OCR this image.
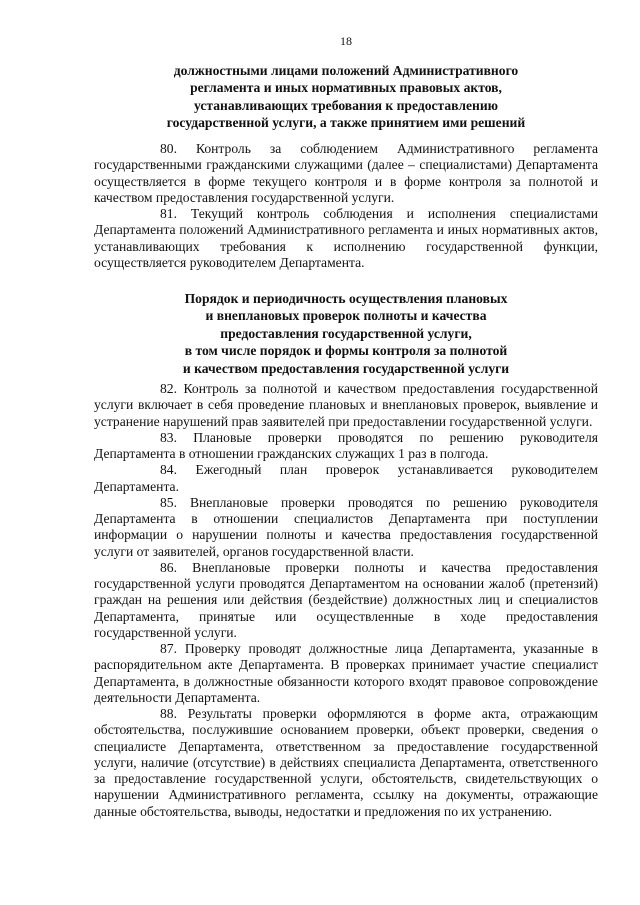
18
должностными лицами положений Административного
регламента и иных нормативных правовых актов,
устанавливающих требования к предоставлению
государственной услуги, а также принятием ими решений

80. Контроль за соблюдением Административного регламента государственными гражданскими служащими (далее – специалистами) Департамента осуществляется в форме текущего контроля и в форме контроля за полнотой и качеством предоставления государственной услуги.

81. Текущий контроль соблюдения и исполнения специалистами Департамента положений Административного регламента и иных нормативных актов, устанавливающих требования к исполнению государственной функции, осуществляется руководителем Департамента.

Порядок и периодичность осуществления плановых
и внеплановых проверок полноты и качества
предоставления государственной услуги,
в том числе порядок и формы контроля за полнотой
и качеством предоставления государственной услуги

82. Контроль за полнотой и качеством предоставления государственной услуги включает в себя проведение плановых и внеплановых проверок, выявление и устранение нарушений прав заявителей при предоставлении государственной услуги.

83. Плановые проверки проводятся по решению руководителя Департамента в отношении гражданских служащих 1 раз в полгода.

84. Ежегодный план проверок устанавливается руководителем Департамента.

85. Внеплановые проверки проводятся по решению руководителя Департамента в отношении специалистов Департамента при поступлении информации о нарушении полноты и качества предоставления государственной услуги от заявителей, органов государственной власти.

86. Внеплановые проверки полноты и качества предоставления государственной услуги проводятся Департаментом на основании жалоб (претензий) граждан на решения или действия (бездействие) должностных лиц и специалистов Департамента, принятые или осуществленные в ходе предоставления государственной услуги.

87. Проверку проводят должностные лица Департамента, указанные в распорядительном акте Департамента. В проверках принимает участие специалист Департамента, в должностные обязанности которого входят правовое сопровождение деятельности Департамента.

88. Результаты проверки оформляются в форме акта, отражающим обстоятельства, послужившие основанием проверки, объект проверки, сведения о специалисте Департамента, ответственном за предоставление государственной услуги, наличие (отсутствие) в действиях специалиста Департамента, ответственного за предоставление государственной услуги, обстоятельств, свидетельствующих о нарушении Административного регламента, ссылку на документы, отражающие данные обстоятельства, выводы, недостатки и предложения по их устранению.
